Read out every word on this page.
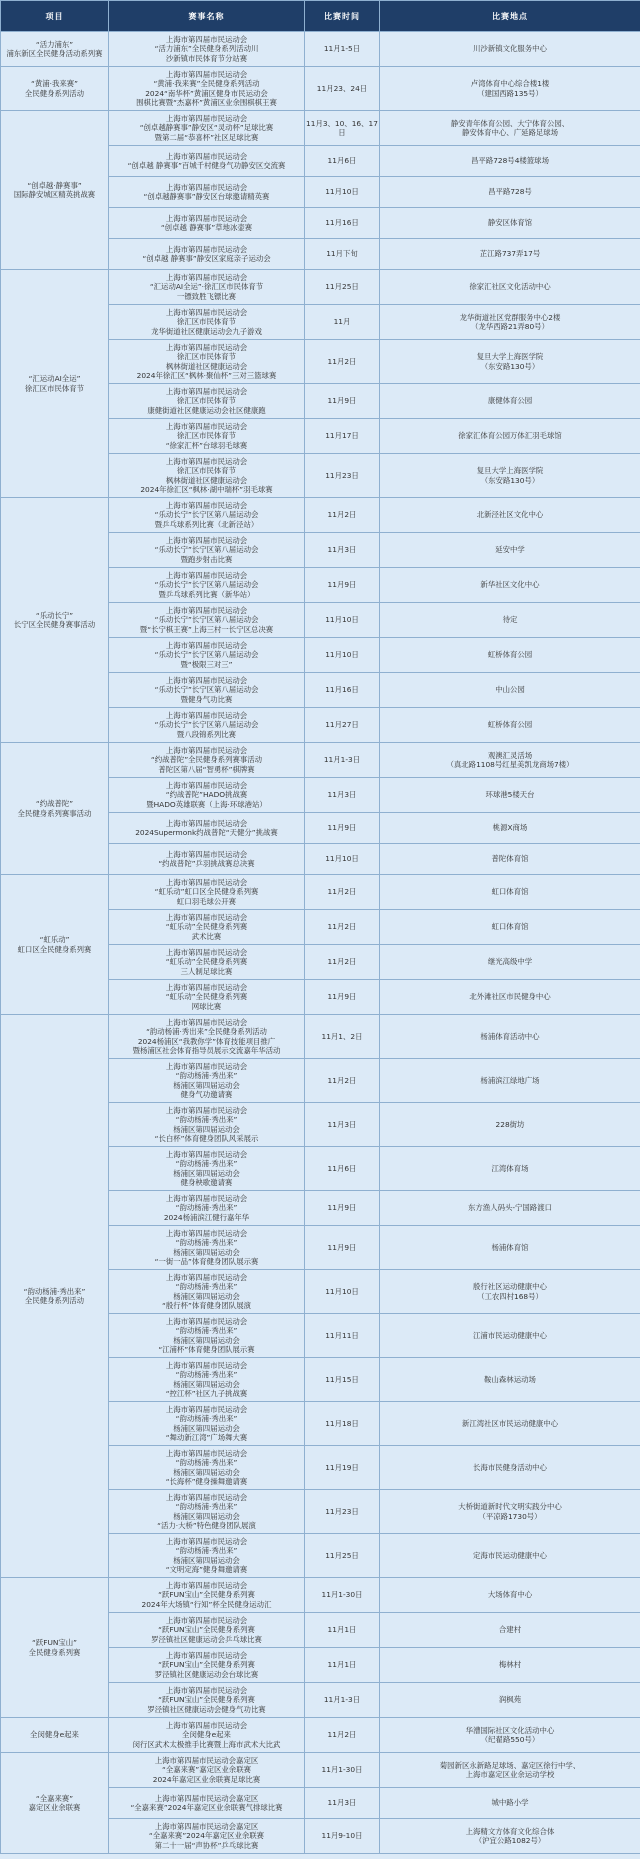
项目	赛事名称	比赛时间	比赛地点

“活力浦东”
浦东新区全民健身活动系列赛	上海市第四届市民运动会
“活力浦东”全民健身系列活动川
沙新镇市民体育节分站赛	11月1-5日	川沙新镇文化服务中心

“黄浦·我来赛”
全民健身系列活动	上海市第四届市民运动会
“黄浦·我来赛”全民健身系列活动
2024“南华杯”黄浦区健身市民运动会
围棋比赛暨“杰嘉杯”黄浦区业余围棋棋王赛	11月23、24日	卢湾体育中心综合楼1楼
（建国西路135号）

“创卓越·静赛事”
国际静安城区精英挑战赛	上海市第四届市民运动会
“创卓越静赛事”静安区“灵动杯”足球比赛
暨第二届“恭喜杯”社区足球比赛	11月3、10、16、17日	静安青年体育公园、大宁体育公园、
静安体育中心、广延路足球场

	上海市第四届市民运动会
“创卓越 静赛事”百城千村健身气功静安区交流赛	11月6日	昌平路728号4楼篮球场

	上海市第四届市民运动会
“创卓越静赛事”静安区台球邀请精英赛	11月10日	昌平路728号

	上海市第四届市民运动会
“创卓越 静赛事”草地冰壶赛	11月16日	静安区体育馆

	上海市第四届市民运动会
“创卓越 静赛事”静安区家庭亲子运动会	11月下旬	芷江路737弄17号

“汇运动AI全运”
徐汇区市民体育节	上海市第四届市民运动会
“汇运动AI全运”·徐汇区市民体育节
一镖致胜飞镖比赛	11月25日	徐家汇社区文化活动中心

	上海市第四届市民运动会
徐汇区市民体育节
龙华街道社区健康运动会九子游戏	11月	龙华街道社区党群服务中心2楼
（龙华西路21弄80号）

	上海市第四届市民运动会
徐汇区市民体育节
枫林街道社区健康运动会
2024年徐汇区“枫林·聚仙杯”三对三篮球赛	11月2日	复旦大学上海医学院
（东安路130号）

	上海市第四届市民运动会
徐汇区市民体育节
康健街道社区健康运动会社区健康跑	11月9日	康健体育公园

	上海市第四届市民运动会
徐汇区市民体育节
“徐家汇杯”台球羽毛球赛	11月17日	徐家汇体育公园万体汇羽毛球馆

	上海市第四届市民运动会
徐汇区市民体育节
枫林街道社区健康运动会
2024年徐汇区“枫林·湖中瑞杯”羽毛球赛	11月23日	复旦大学上海医学院
（东安路130号）

“乐动长宁”
长宁区全民健身赛事活动	上海市第四届市民运动会
“乐动长宁”长宁区第八届运动会
暨乒乓球系列比赛（北新泾站）	11月2日	北新泾社区文化中心

	上海市第四届市民运动会
“乐动长宁”长宁区第八届运动会
暨跑步射击比赛	11月3日	延安中学

	上海市第四届市民运动会
“乐动长宁”长宁区第八届运动会
暨乒乓球系列比赛（新华站）	11月9日	新华社区文化中心

	上海市第四届市民运动会
“乐动长宁”长宁区第八届运动会
暨“长宁棋王赛”上海三村一长宁区总决赛	11月10日	待定

	上海市第四届市民运动会
“乐动长宁”长宁区第八届运动会
暨“极限三对三”	11月10日	虹桥体育公园

	上海市第四届市民运动会
“乐动长宁”长宁区第八届运动会
暨健身气功比赛	11月16日	中山公园

	上海市第四届市民运动会
“乐动长宁”长宁区第八届运动会
暨八段锦系列比赛	11月27日	虹桥体育公园

“约战普陀”
全民健身系列赛事活动	上海市第四届市民运动会
“约战普陀”全民健身系列赛事活动
普陀区第八届“智勇杯”棋牌赛	11月1-3日	观澳汇灵活场
（真北路1108号红星美凯龙商场7楼）

	上海市第四届市民运动会
“约战普陀”HADO挑战赛
暨HADO英雄联赛（上海·环球港站）	11月3日	环球港5楼天台

	上海市第四届市民运动会
2024Supermonk约战普陀“天健分”挑战赛	11月9日	桃源X商场

	上海市第四届市民运动会
“约战普陀”乒羽挑战赛总决赛	11月10日	普陀体育馆

“虹乐动”
虹口区全民健身系列赛	上海市第四届市民运动会
“虹乐动”虹口区全民健身系列赛
虹口羽毛球公开赛	11月2日	虹口体育馆

	上海市第四届市民运动会
“虹乐动”全民健身系列赛
武术比赛	11月2日	虹口体育馆

	上海市第四届市民运动会
“虹乐动”全民健身系列赛
三人制足球比赛	11月2日	继光高级中学

	上海市第四届市民运动会
“虹乐动”全民健身系列赛
网球比赛	11月9日	北外滩社区市民健身中心

“韵动杨浦·秀出来”
全民健身系列活动	上海市第四届市民运动会
“韵动杨浦·秀出来”全民健身系列活动
2024杨浦区“我教你学”体育技能项目推广
暨杨浦区社会体育指导员展示交流嘉年华活动	11月1、2日	杨浦体育活动中心

	上海市第四届市民运动会
“韵动杨浦·秀出来”
杨浦区第四届运动会
健身气功邀请赛	11月2日	杨浦滨江绿地广场

	上海市第四届市民运动会
“韵动杨浦·秀出来”
杨浦区第四届运动会
“长白杯”体育健身团队风采展示	11月3日	228街坊

	上海市第四届市民运动会
“韵动杨浦·秀出来”
杨浦区第四届运动会
健身秧歌邀请赛	11月6日	江湾体育场

	上海市第四届市民运动会
“韵动杨浦·秀出来”
2024杨浦滨江健行嘉年华	11月9日	东方渔人码头-宁国路渡口

	上海市第四届市民运动会
“韵动杨浦·秀出来”
杨浦区第四届运动会
“一街一品”体育健身团队展示赛	11月9日	杨浦体育馆

	上海市第四届市民运动会
“韵动杨浦·秀出来”
杨浦区第四届运动会
“殷行杯”体育健身团队展演	11月10日	殷行社区运动健康中心
（工农四村168号）

	上海市第四届市民运动会
“韵动杨浦·秀出来”
杨浦区第四届运动会
“江浦杯”体育健身团队展示赛	11月11日	江浦市民运动健康中心

	上海市第四届市民运动会
“韵动杨浦·秀出来”
杨浦区第四届运动会
“控江杯”社区九子挑战赛	11月15日	鞍山森林运动场

	上海市第四届市民运动会
“韵动杨浦·秀出来”
杨浦区第四届运动会
“舞动新江湾”广场舞大赛	11月18日	新江湾社区市民运动健康中心

	上海市第四届市民运动会
“韵动杨浦·秀出来”
杨浦区第四届运动会
“长海杯”健身操舞邀请赛	11月19日	长海市民健身活动中心

	上海市第四届市民运动会
“韵动杨浦·秀出来”
杨浦区第四届运动会
“活力·大桥”特色健身团队展演	11月23日	大桥街道新时代文明实践分中心
（平凉路1730号）

	上海市第四届市民运动会
“韵动杨浦·秀出来”
杨浦区第四届运动会
“文明定海”健身舞邀请赛	11月25日	定海市民运动健康中心

“跃FUN宝山”
全民健身系列赛	上海市第四届市民运动会
“跃FUN宝山”全民健身系列赛
2024年大场镇“行知”杯全民健身运动汇	11月1-30日	大场体育中心

	上海市第四届市民运动会
“跃FUN宝山”全民健身系列赛
罗泾镇社区健康运动会乒乓球比赛	11月1日	合建村

	上海市第四届市民运动会
“跃FUN宝山”全民健身系列赛
罗泾镇社区健康运动会台球比赛	11月1日	梅林村

	上海市第四届市民运动会
“跃FUN宝山”全民健身系列赛
罗泾镇社区健康运动会健身气功比赛	11月1-3日	润枫苑

全闵健身e起来	上海市第四届市民运动会
全闵健身e起来
闵行区武术太极推手比赛暨上海市武术大比武	11月2日	华漕国际社区文化活动中心
（纪翟路550号）

“全嘉来赛”
嘉定区业余联赛	上海市第四届市民运动会嘉定区
“全嘉来赛”嘉定区业余联赛
2024年嘉定区业余联赛足球比赛	11月1-30日	菊园新区永新路足球场、嘉定区徐行中学、
上海市嘉定区业余运动学校

	上海市第四届市民运动会嘉定区
“全嘉来赛”2024年嘉定区业余联赛气排球比赛	11月3日	城中路小学

	上海市第四届市民运动会嘉定区
“全嘉来赛”2024年嘉定区业余联赛
第二十一届“声协杯”乒乓球比赛	11月9-10日	上海精文方体育文化综合体
（沪宜公路1082号）
